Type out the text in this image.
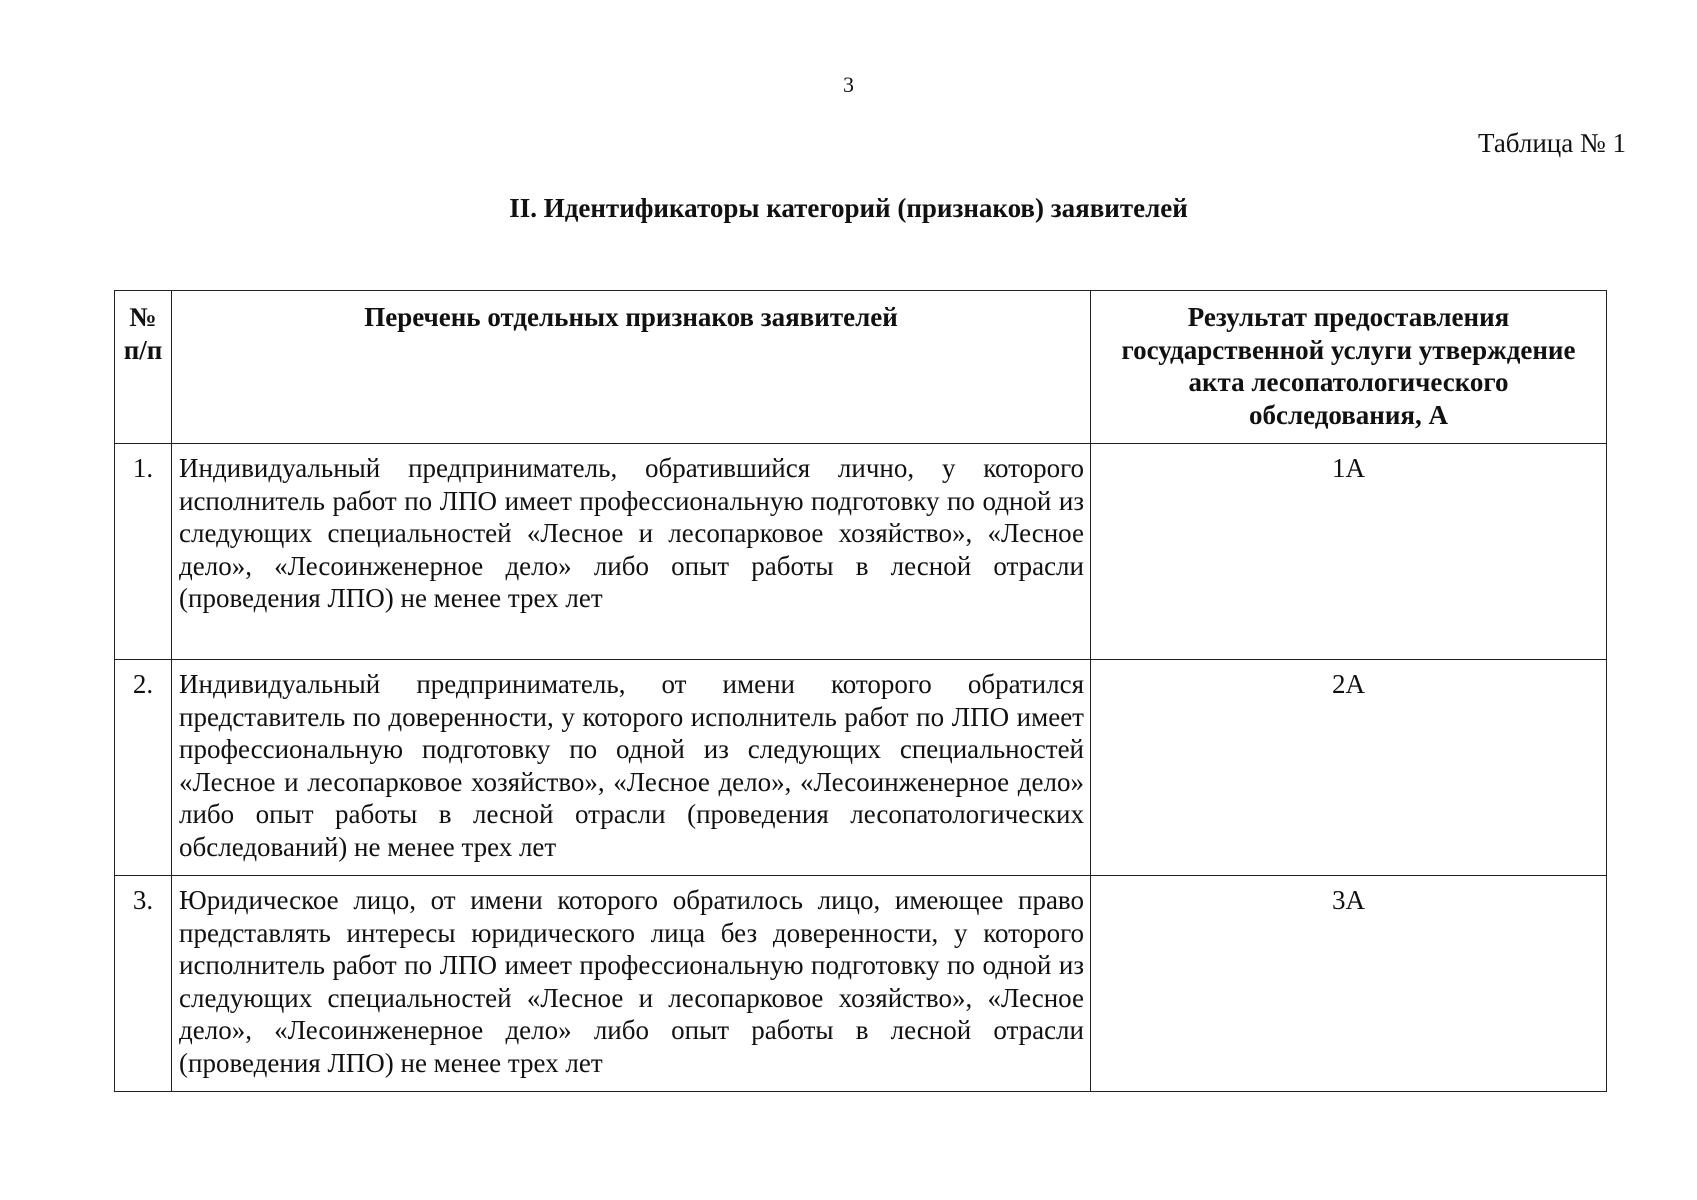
3
Таблица № 1
II. Идентификаторы категорий (признаков) заявителей
№ п/п	Перечень отдельных признаков заявителей	Результат предоставления государственной услуги утверждение акта лесопатологического обследования, А
1.	Индивидуальный предприниматель, обратившийся лично, у которого исполнитель работ по ЛПО имеет профессиональную подготовку по одной из следующих специальностей «Лесное и лесопарковое хозяйство», «Лесное дело», «Лесоинженерное дело» либо опыт работы в лесной отрасли (проведения ЛПО) не менее трех лет	1А
2.	Индивидуальный предприниматель, от имени которого обратился представитель по доверенности, у которого исполнитель работ по ЛПО имеет профессиональную подготовку по одной из следующих специальностей «Лесное и лесопарковое хозяйство», «Лесное дело», «Лесоинженерное дело» либо опыт работы в лесной отрасли (проведения лесопатологических обследований) не менее трех лет	2А
3.	Юридическое лицо, от имени которого обратилось лицо, имеющее право представлять интересы юридического лица без доверенности, у которого исполнитель работ по ЛПО имеет профессиональную подготовку по одной из следующих специальностей «Лесное и лесопарковое хозяйство», «Лесное дело», «Лесоинженерное дело» либо опыт работы в лесной отрасли (проведения ЛПО) не менее трех лет	3А
